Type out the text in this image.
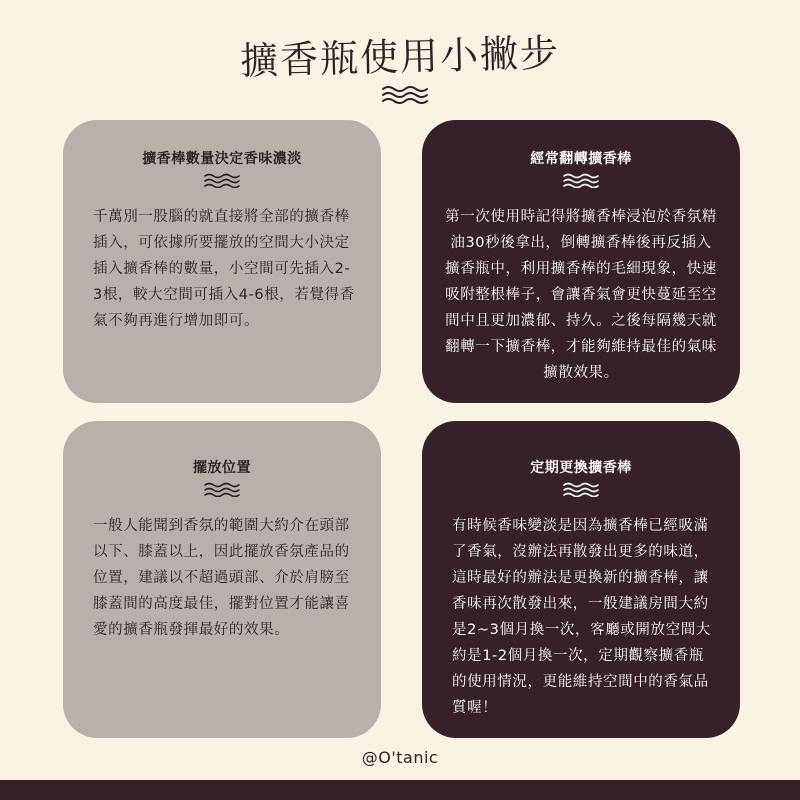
擴香瓶使用小撇步
擴香棒數量決定香味濃淡
千萬別一股腦的就直接將全部的擴香棒插入，可依據所要擺放的空間大小決定插入擴香棒的數量，小空間可先插入2-3根，較大空間可插入4-6根，若覺得香氣不夠再進行增加即可。
經常翻轉擴香棒
第一次使用時記得將擴香棒浸泡於香氛精油30秒後拿出，倒轉擴香棒後再反插入擴香瓶中，利用擴香棒的毛細現象，快速吸附整根棒子，會讓香氣會更快蔓延至空間中且更加濃郁、持久。之後每隔幾天就翻轉一下擴香棒，才能夠維持最佳的氣味擴散效果。
擺放位置
一般人能聞到香氛的範圍大約介在頭部以下、膝蓋以上，因此擺放香氛產品的位置，建議以不超過頭部、介於肩膀至膝蓋間的高度最佳，擺對位置才能讓喜愛的擴香瓶發揮最好的效果。
定期更換擴香棒
有時候香味變淡是因為擴香棒已經吸滿了香氣，沒辦法再散發出更多的味道，這時最好的辦法是更換新的擴香棒，讓香味再次散發出來，一般建議房間大約是2~3個月換一次，客廳或開放空間大約是1-2個月換一次，定期觀察擴香瓶的使用情況，更能維持空間中的香氣品質喔！
@O'tanic
